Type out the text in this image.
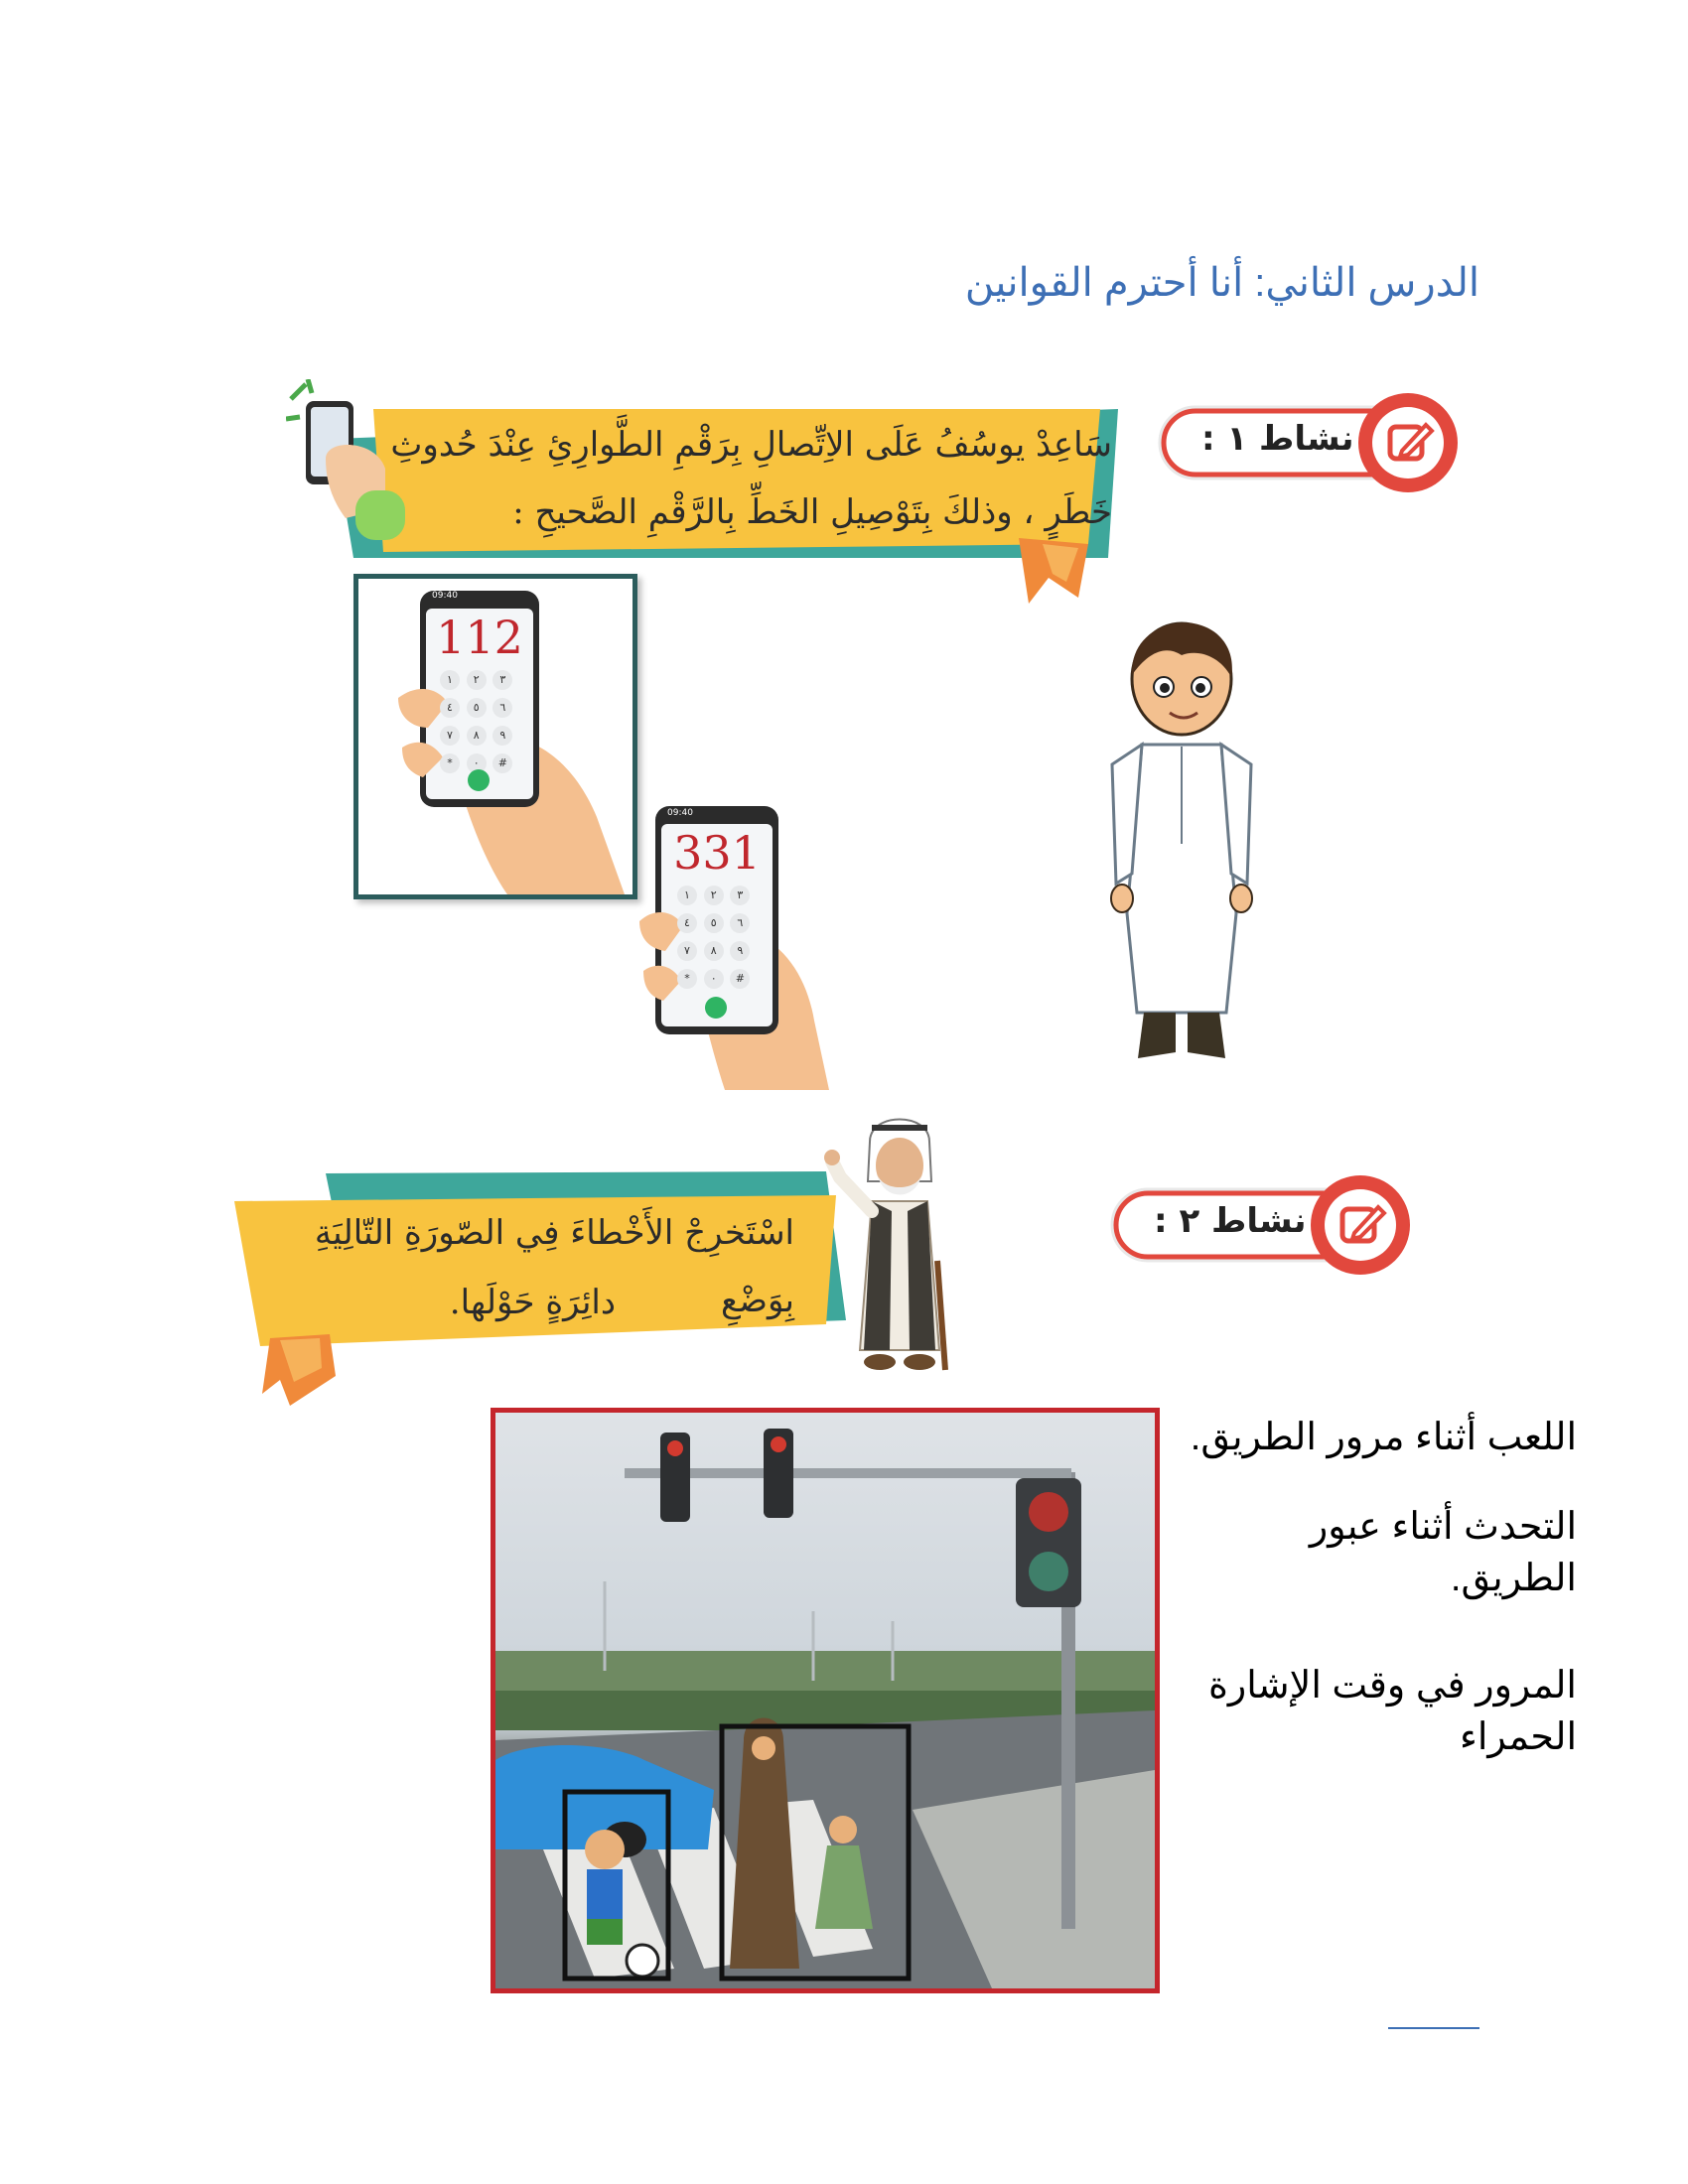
الدرس الثاني: أنا أحترم القوانين
نشاط ١ :
سَاعِدْ يوسُفُ عَلَى الاِتِّصالِ بِرَقْمِ الطَّوارِئِ عِنْدَ حُدوثِ
خَطَرٍ ، وذلكَ بِتَوْصِيلِ الخَطِّ بِالرَّقْمِ الصَّحيحِ :
112
09:40
١	٢	٣
٤	٥	٦
٧	٨	٩
*	٠	#
331
09:40
١	٢	٣
٤	٥	٦
٧	٨	٩
*	٠	#
نشاط ٢ :
اسْتَخرِجْ الأَخْطاءَ فِي الصّورَةِ التّالِيَةِ بِوَضْعِ
دائِرَةٍ حَوْلَها.
اللعب أثناء مرور الطريق.
التحدث أثناء عبور الطريق.
المرور في وقت الإشارة الحمراء
